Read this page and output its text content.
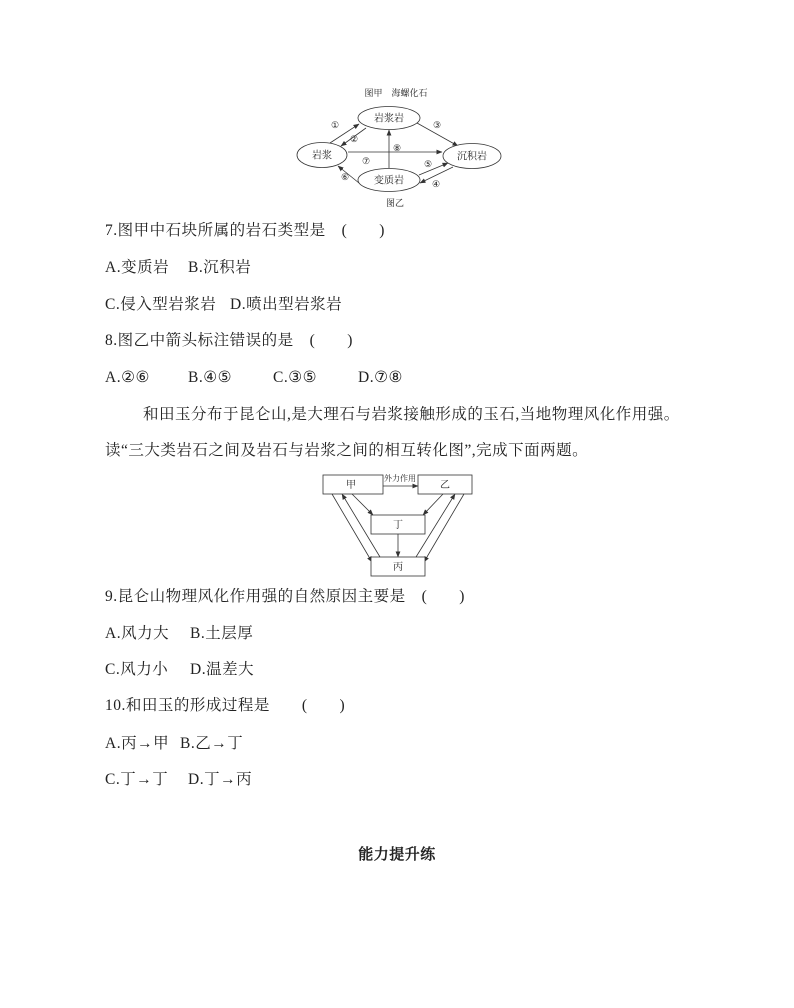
图甲　海螺化石
岩浆岩
岩浆	沉积岩
变质岩
①
②
③
④
⑤
⑥
⑦
⑧
图乙
7.图甲中石块所属的岩石类型是　(　　)
A.变质岩 B.沉积岩
C.侵入型岩浆岩 D.喷出型岩浆岩
8.图乙中箭头标注错误的是　(　　)
A.②⑥ B.④⑤	C.③⑤	D.⑦⑧
和田玉分布于昆仑山,是大理石与岩浆接触形成的玉石,当地物理风化作用强。
读“三大类岩石之间及岩石与岩浆之间的相互转化图”,完成下面两题。
甲	乙
丁
丙
外力作用
9.昆仑山物理风化作用强的自然原因主要是　(　　)
A.风力大 B.土层厚
C.风力小 D.温差大
10.和田玉的形成过程是　　(　　)
A.丙→甲 B.乙→丁
C.丁→丁 D.丁→丙
能力提升练
